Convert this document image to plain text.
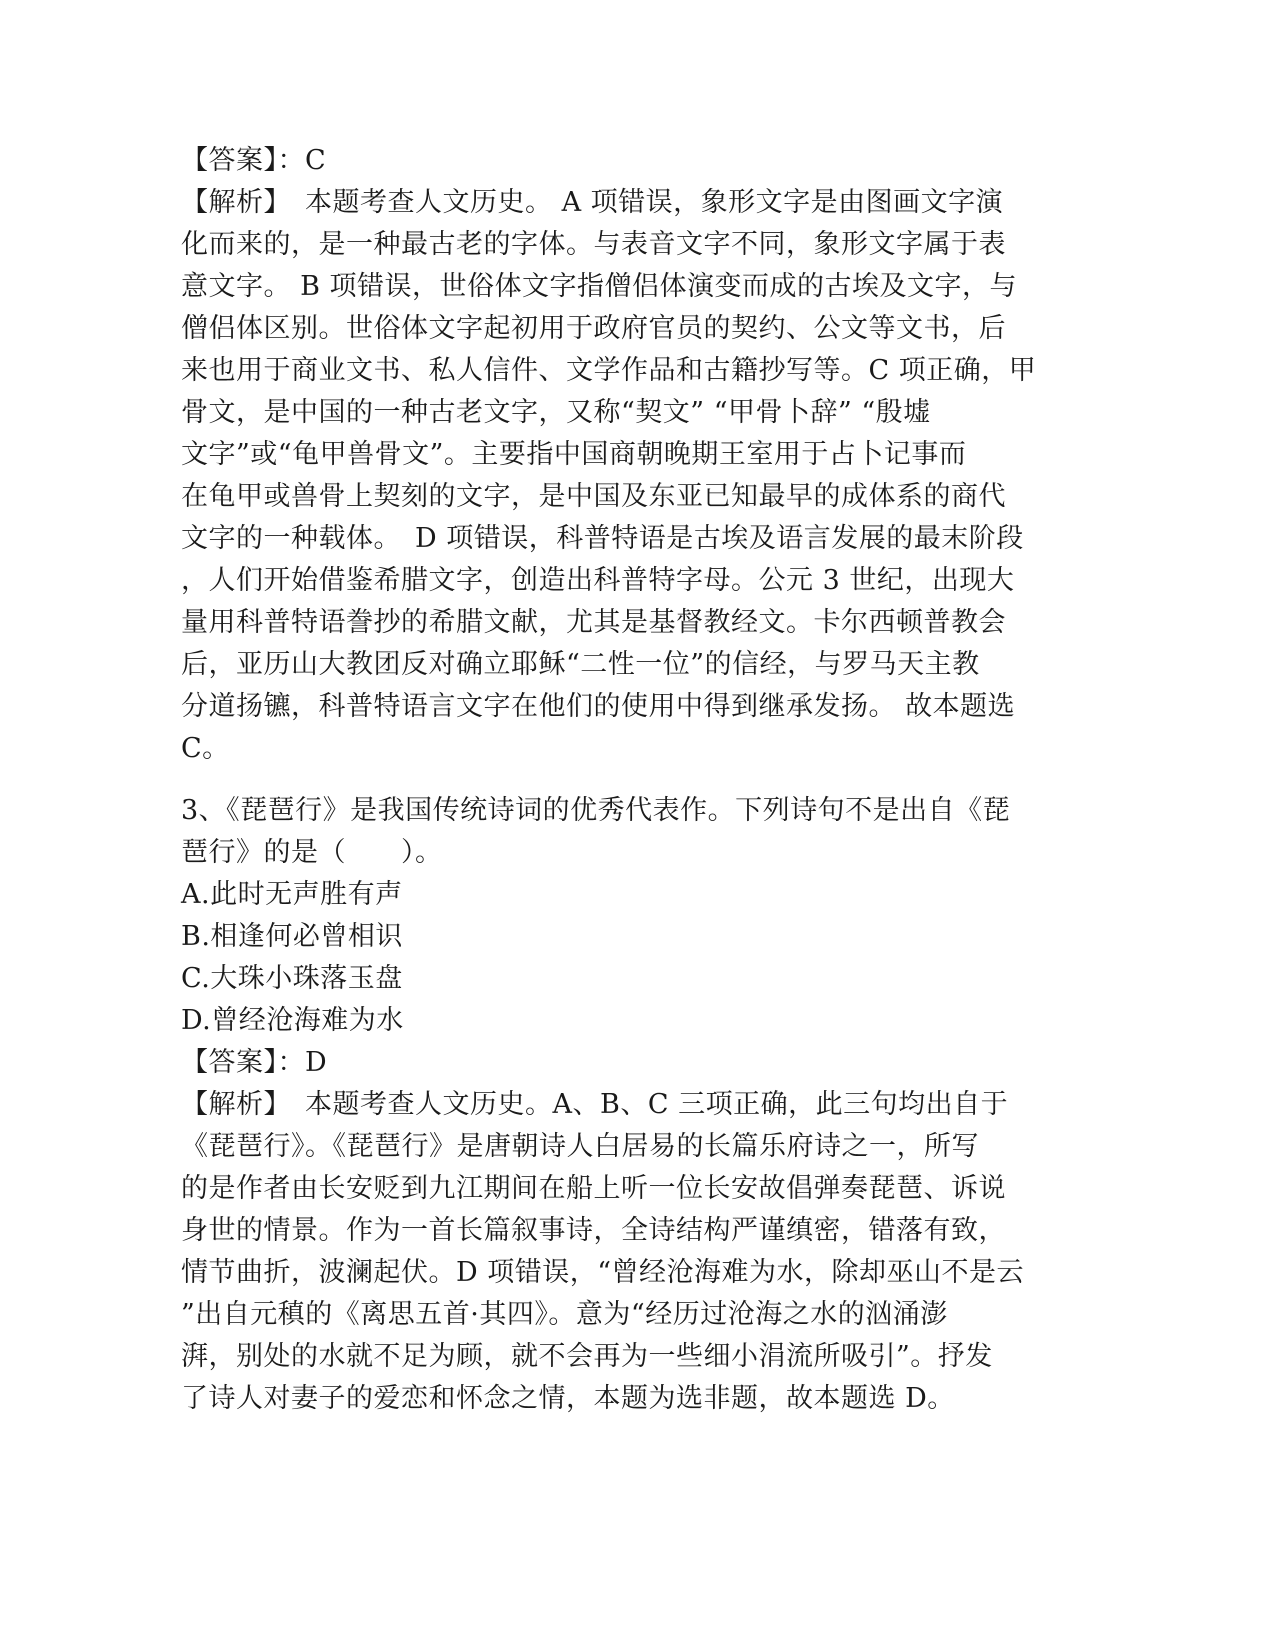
【答案】：C
【解析】　本题考查人文历史。 A 项错误，象形文字是由图画文字演
化而来的，是一种最古老的字体。与表音文字不同，象形文字属于表
意文字。 B 项错误，世俗体文字指僧侣体演变而成的古埃及文字，与
僧侣体区别。世俗体文字起初用于政府官员的契约、公文等文书，后
来也用于商业文书、私人信件、文学作品和古籍抄写等。C 项正确，甲
骨文，是中国的一种古老文字，又称“契文” “甲骨卜辞” “殷墟
文字”或“龟甲兽骨文”。主要指中国商朝晚期王室用于占卜记事而
在龟甲或兽骨上契刻的文字，是中国及东亚已知最早的成体系的商代
文字的一种载体。　D 项错误，科普特语是古埃及语言发展的最末阶段
，人们开始借鉴希腊文字，创造出科普特字母。公元 3 世纪，出现大
量用科普特语誊抄的希腊文献，尤其是基督教经文。卡尔西顿普教会
后，亚历山大教团反对确立耶稣“二性一位”的信经，与罗马天主教
分道扬镳，科普特语言文字在他们的使用中得到继承发扬。 故本题选
C。
3、《琵琶行》是我国传统诗词的优秀代表作。下列诗句不是出自《琵
琶行》的是（　　）。
A.此时无声胜有声
B.相逢何必曾相识
C.大珠小珠落玉盘
D.曾经沧海难为水
【答案】：D
【解析】　本题考查人文历史。A、B、C 三项正确，此三句均出自于
《琵琶行》。《琵琶行》是唐朝诗人白居易的长篇乐府诗之一，所写
的是作者由长安贬到九江期间在船上听一位长安故倡弹奏琵琶、诉说
身世的情景。作为一首长篇叙事诗，全诗结构严谨缜密，错落有致，
情节曲折，波澜起伏。D 项错误，“曾经沧海难为水，除却巫山不是云
”出自元稹的《离思五首·其四》。意为“经历过沧海之水的汹涌澎
湃，别处的水就不足为顾，就不会再为一些细小涓流所吸引”。抒发
了诗人对妻子的爱恋和怀念之情，本题为选非题，故本题选 D。
